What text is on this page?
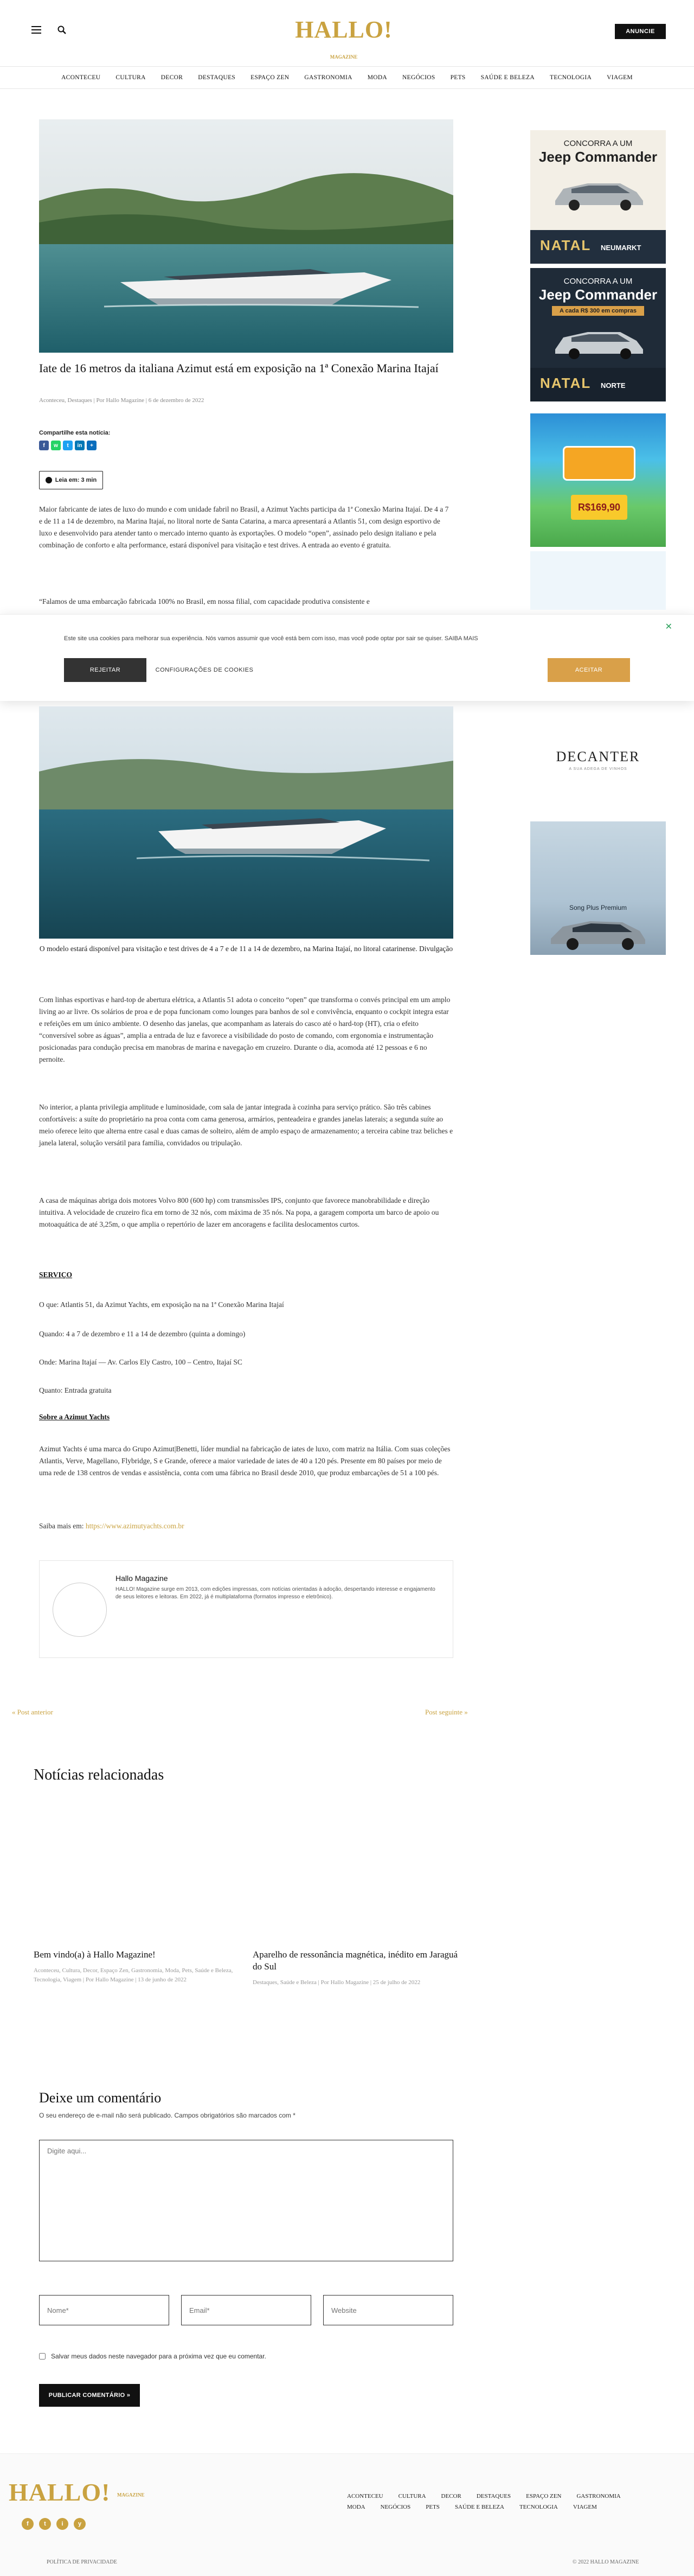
HALLO! MAGAZINE
ANUNCIE
ACONTECEU CULTURA DECOR DESTAQUES ESPAÇO ZEN GASTRONOMIA MODA NEGÓCIOS PETS SAÚDE E BELEZA TECNOLOGIA VIAGEM
Iate de 16 metros da italiana Azimut está em exposição na 1ª Conexão Marina Itajaí
Aconteceu, Destaques | Por Hallo Magazine | 6 de dezembro de 2022
Compartilhe esta notícia:
f	w	t	in	+
Leia em: 3 min

Maior fabricante de iates de luxo do mundo e com unidade fabril no Brasil, a Azimut Yachts participa da 1ª Conexão Marina Itajaí. De 4 a 7 e de 11 a 14 de dezembro, na Marina Itajaí, no litoral norte de Santa Catarina, a marca apresentará a Atlantis 51, com design esportivo de luxo e desenvolvido para atender tanto o mercado interno quanto às exportações. O modelo “open”, assinado pelo design italiano e pela combinação de conforto e alta performance, estará disponível para visitação e test drives. A entrada ao evento é gratuita.

“Falamos de uma embarcação fabricada 100% no Brasil, em nossa filial, com capacidade produtiva consistente e

Este site usa cookies para melhorar sua experiência. Nós vamos assumir que você está bem com isso, mas você pode optar por sair se quiser. SAIBA MAIS
✕
REJEITAR	CONFIGURAÇÕES DE COOKIES	ACEITAR

O modelo estará disponível para visitação e test drives de 4 a 7 e de 11 a 14 de dezembro, na Marina Itajaí, no litoral catarinense. Divulgação

Com linhas esportivas e hard-top de abertura elétrica, a Atlantis 51 adota o conceito “open” que transforma o convés principal em um amplo living ao ar livre. Os solários de proa e de popa funcionam como lounges para banhos de sol e convivência, enquanto o cockpit integra estar e refeições em um único ambiente. O desenho das janelas, que acompanham as laterais do casco até o hard-top (HT), cria o efeito “conversível sobre as águas”, amplia a entrada de luz e favorece a visibilidade do posto de comando, com ergonomia e instrumentação posicionadas para condução precisa em manobras de marina e navegação em cruzeiro. Durante o dia, acomoda até 12 pessoas e 6 no pernoite.

No interior, a planta privilegia amplitude e luminosidade, com sala de jantar integrada à cozinha para serviço prático. São três cabines confortáveis: a suíte do proprietário na proa conta com cama generosa, armários, penteadeira e grandes janelas laterais; a segunda suíte ao meio oferece leito que alterna entre casal e duas camas de solteiro, além de amplo espaço de armazenamento; a terceira cabine traz beliches e janela lateral, solução versátil para família, convidados ou tripulação.

A casa de máquinas abriga dois motores Volvo 800 (600 hp) com transmissões IPS, conjunto que favorece manobrabilidade e direção intuitiva. A velocidade de cruzeiro fica em torno de 32 nós, com máxima de 35 nós. Na popa, a garagem comporta um barco de apoio ou motoaquática de até 3,25m, o que amplia o repertório de lazer em ancoragens e facilita deslocamentos curtos.

SERVIÇO

O que: Atlantis 51, da Azimut Yachts, em exposição na na 1ª Conexão Marina Itajaí

Quando: 4 a 7 de dezembro e 11 a 14 de dezembro (quinta a domingo)

Onde: Marina Itajaí — Av. Carlos Ely Castro, 100 – Centro, Itajaí SC

Quanto: Entrada gratuita

Sobre a Azimut Yachts

Azimut Yachts é uma marca do Grupo Azimut|Benetti, líder mundial na fabricação de iates de luxo, com matriz na Itália. Com suas coleções Atlantis, Verve, Magellano, Flybridge, S e Grande, oferece a maior variedade de iates de 40 a 120 pés. Presente em 80 países por meio de uma rede de 138 centros de vendas e assistência, conta com uma fábrica no Brasil desde 2010, que produz embarcações de 51 a 100 pés.

Saiba mais em: https://www.azimutyachts.com.br

Hallo Magazine
HALLO! Magazine surge em 2013, com edições impressas, com notícias orientadas à adoção, despertando interesse e engajamento de seus leitores e leitoras. Em 2022, já é multiplataforma (formatos impresso e eletrônico).
« Post anterior	Post seguinte »
Notícias relacionadas
Bem vindo(a) à Hallo Magazine!
Aconteceu, Cultura, Decor, Espaço Zen, Gastronomia, Moda, Pets, Saúde e Beleza, Tecnologia, Viagem | Por Hallo Magazine | 13 de junho de 2022
Aparelho de ressonância magnética, inédito em Jaraguá do Sul
Destaques, Saúde e Beleza | Por Hallo Magazine | 25 de julho de 2022
Deixe um comentário

O seu endereço de e-mail não será publicado. Campos obrigatórios são marcados com *

Digite aqui...
Nome*
Email*
Website
Salvar meus dados neste navegador para a próxima vez que eu comentar.
PUBLICAR COMENTÁRIO »
CONCORRA A UM
Jeep Commander
NATAL NEUMARKT
CONCORRA A UM
Jeep Commander
A cada R$ 300 em compras
NATAL NORTE
R$169,90
DECANTER
A SUA ADEGA DE VINHOS
Song Plus Premium
HALLO! MAGAZINE
f	t	i	y
ACONTECEU	CULTURA	DECOR	DESTAQUES	ESPAÇO ZEN	GASTRONOMIA
MODA	NEGÓCIOS	PETS	SAÚDE E BELEZA	TECNOLOGIA	VIAGEM
POLÍTICA DE PRIVACIDADE	© 2022 HALLO MAGAZINE
